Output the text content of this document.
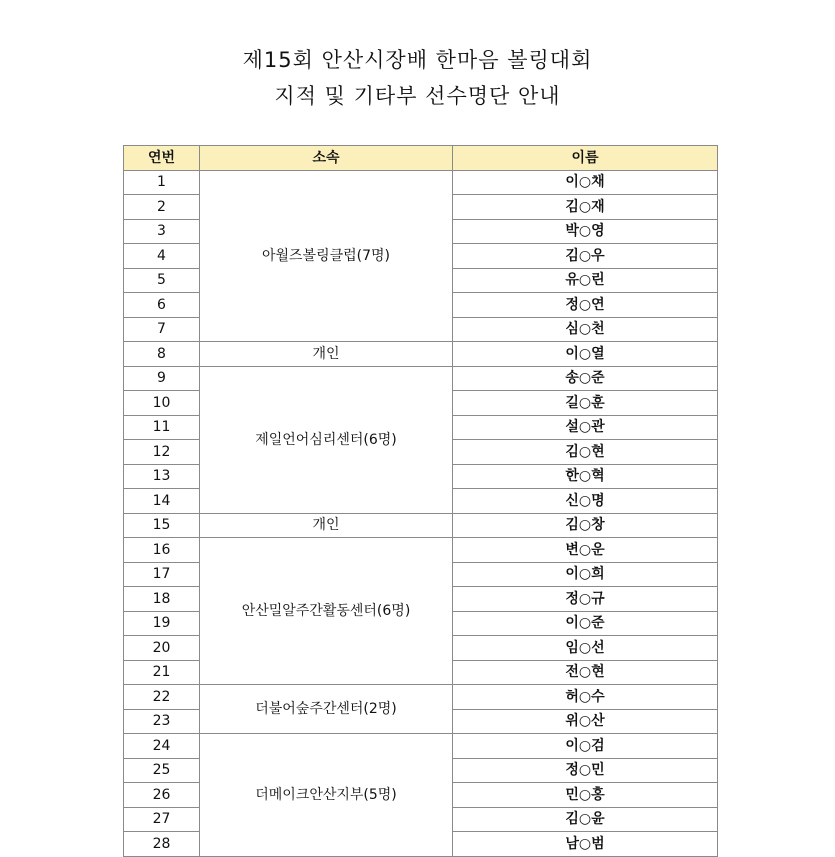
제15회 안산시장배 한마음 볼링대회
지적 및 기타부 선수명단 안내
연번	소속	이름
1	아월즈볼링클럽(7명)	이○채
2		김○재
3		박○영
4		김○우
5		유○린
6		정○연
7		심○천
8	개인	이○열
9	제일언어심리센터(6명)	송○준
10		길○훈
11		설○관
12		김○현
13		한○혁
14		신○명
15	개인	김○창
16	안산밀알주간활동센터(6명)	변○운
17		이○희
18		정○규
19		이○준
20		임○선
21		전○현
22	더불어숲주간센터(2명)	허○수
23		위○산
24	더메이크안산지부(5명)	이○검
25		정○민
26		민○홍
27		김○윤
28		남○범
